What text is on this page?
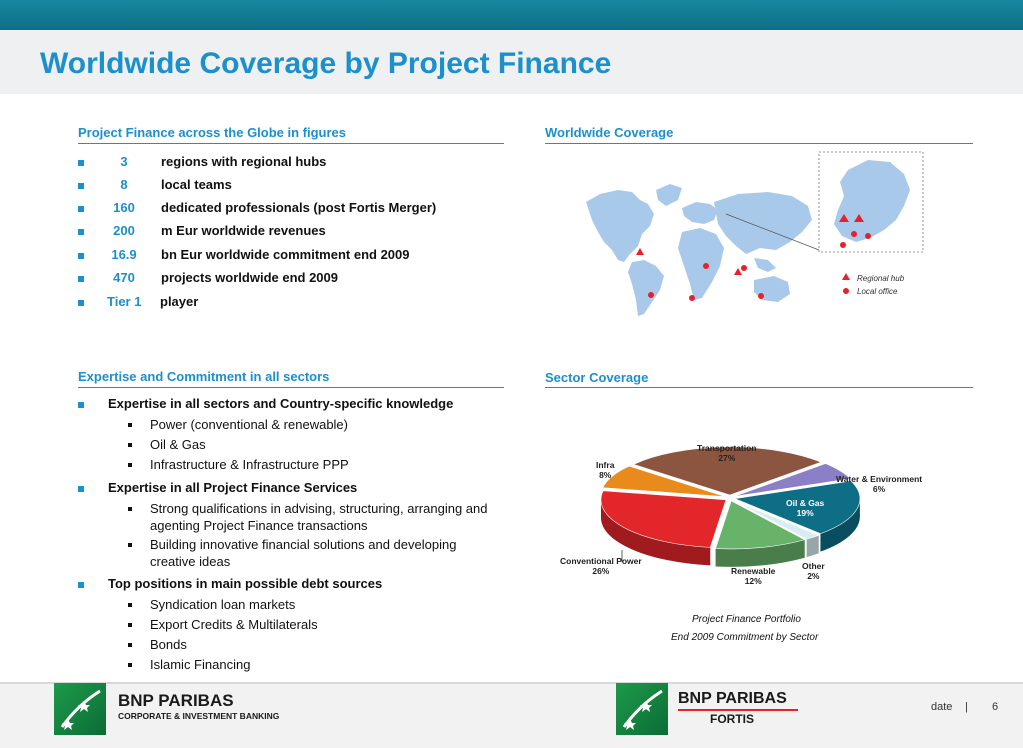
Worldwide Coverage by Project Finance
Project Finance across the Globe in figures
3	regions with regional hubs
8	local teams
160	dedicated professionals (post Fortis Merger)
200	m Eur worldwide revenues
16.9	bn Eur worldwide commitment end 2009
470	projects worldwide end 2009
Tier 1	player
Worldwide Coverage
Regional hub
Local office
Expertise and Commitment in all sectors
Expertise in all sectors and Country-specific knowledge
Power (conventional & renewable)
Oil & Gas
Infrastructure & Infrastructure PPP
Expertise in all Project Finance Services
Strong qualifications in advising, structuring, arranging and agenting Project Finance transactions
Building innovative financial solutions and developing creative ideas
Top positions in main possible debt sources
Syndication loan markets
Export Credits & Multilaterals
Bonds
Islamic Financing
Sector Coverage
Transportation
27%
Water & Environment
6%
Oil & Gas
19%
Other
2%
Renewable
12%
Conventional Power
26%
Infra
8%
Project Finance Portfolio
End 2009 Commitment by Sector
BNP PARIBAS
CORPORATE & INVESTMENT BANKING
BNP PARIBAS
FORTIS
date | 6
